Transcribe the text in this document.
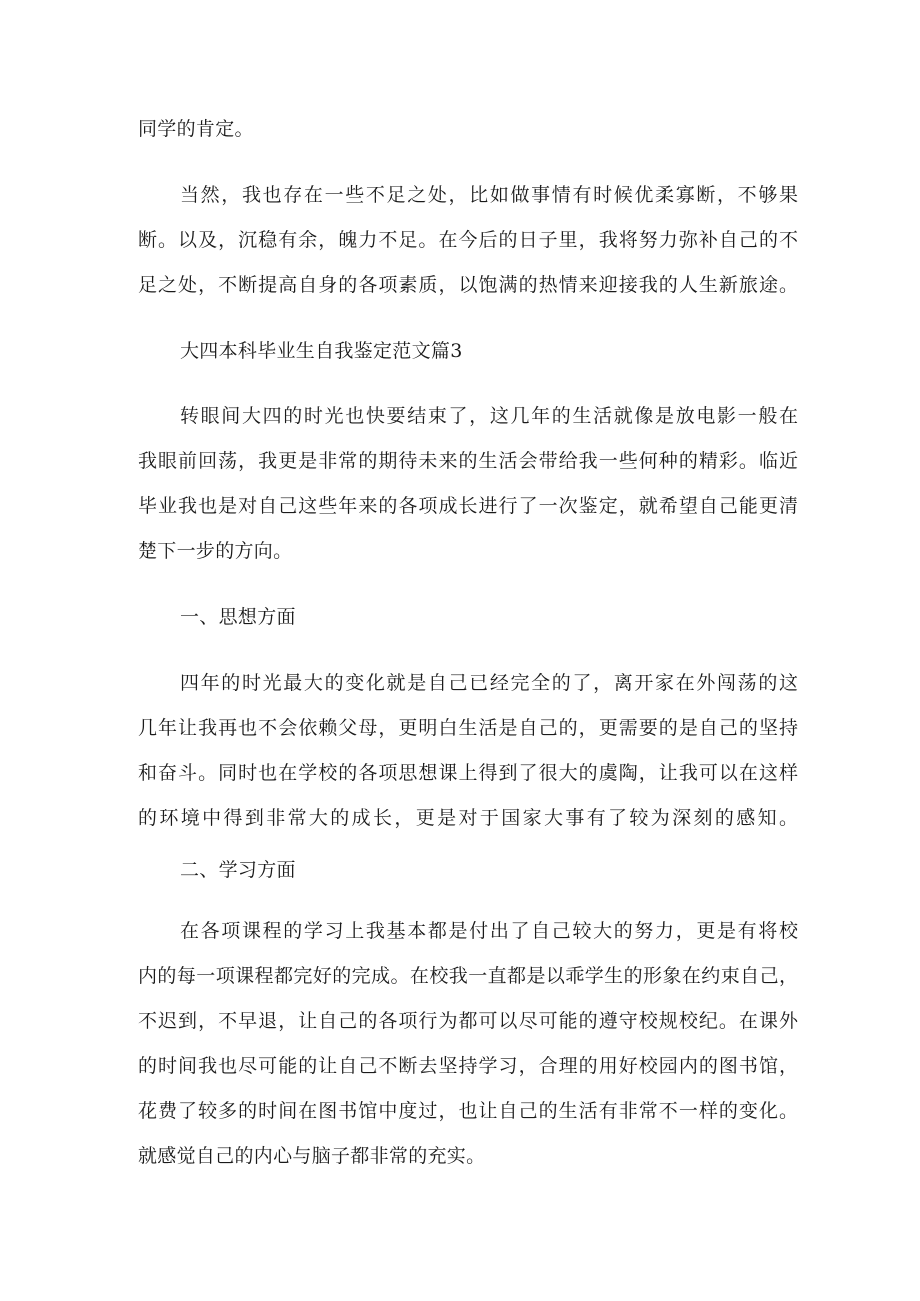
同学的肯定。
当然，我也存在一些不足之处，比如做事情有时候优柔寡断，不够果
断。以及，沉稳有余，魄力不足。在今后的日子里，我将努力弥补自己的不
足之处，不断提高自身的各项素质，以饱满的热情来迎接我的人生新旅途。
大四本科毕业生自我鉴定范文篇3
转眼间大四的时光也快要结束了，这几年的生活就像是放电影一般在
我眼前回荡，我更是非常的期待未来的生活会带给我一些何种的精彩。临近
毕业我也是对自己这些年来的各项成长进行了一次鉴定，就希望自己能更清
楚下一步的方向。
一、思想方面
四年的时光最大的变化就是自己已经完全的了，离开家在外闯荡的这
几年让我再也不会依赖父母，更明白生活是自己的，更需要的是自己的坚持
和奋斗。同时也在学校的各项思想课上得到了很大的虞陶，让我可以在这样
的环境中得到非常大的成长，更是对于国家大事有了较为深刻的感知。
二、学习方面
在各项课程的学习上我基本都是付出了自己较大的努力，更是有将校
内的每一项课程都完好的完成。在校我一直都是以乖学生的形象在约束自己，
不迟到，不早退，让自己的各项行为都可以尽可能的遵守校规校纪。在课外
的时间我也尽可能的让自己不断去坚持学习，合理的用好校园内的图书馆，
花费了较多的时间在图书馆中度过，也让自己的生活有非常不一样的变化。
就感觉自己的内心与脑子都非常的充实。
